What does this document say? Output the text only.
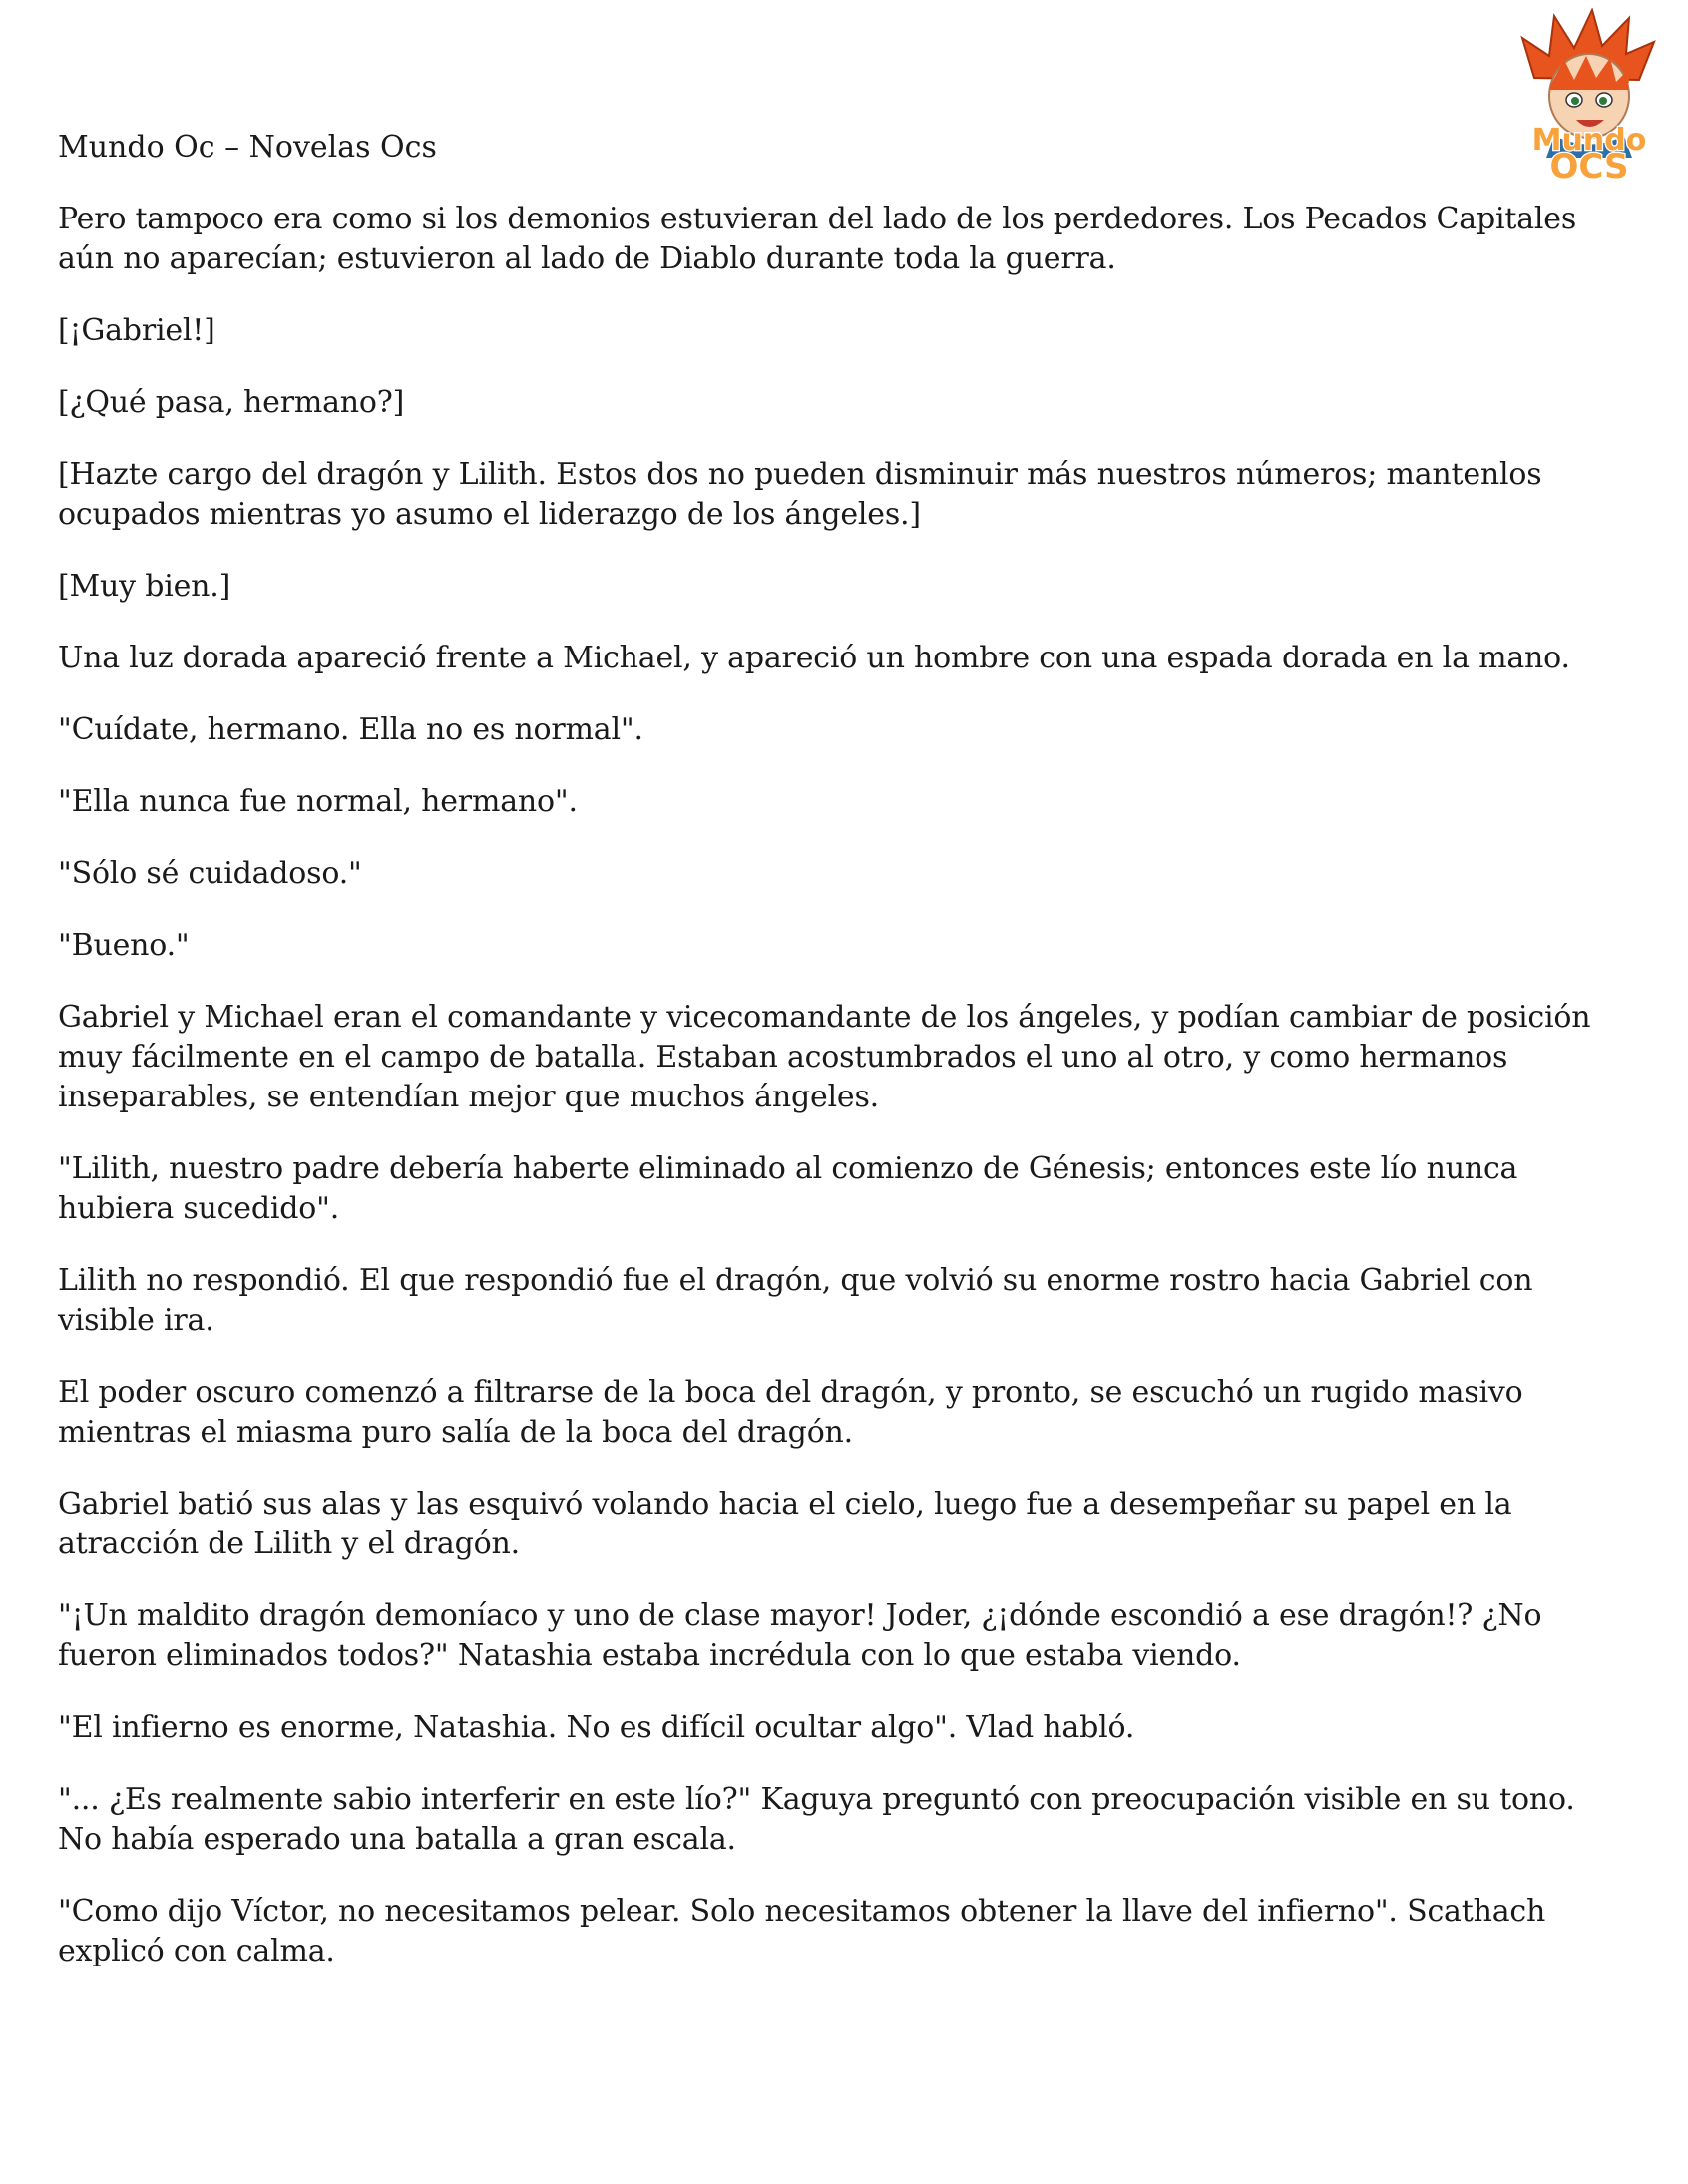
Mundo
OCS

Mundo Oc – Novelas Ocs

Pero tampoco era como si los demonios estuvieran del lado de los perdedores. Los Pecados Capitales aún no aparecían; estuvieron al lado de Diablo durante toda la guerra.

[¡Gabriel!]

[¿Qué pasa, hermano?]

[Hazte cargo del dragón y Lilith. Estos dos no pueden disminuir más nuestros números; mantenlos ocupados mientras yo asumo el liderazgo de los ángeles.]

[Muy bien.]

Una luz dorada apareció frente a Michael, y apareció un hombre con una espada dorada en la mano.

"Cuídate, hermano. Ella no es normal".

"Ella nunca fue normal, hermano".

"Sólo sé cuidadoso."

"Bueno."

Gabriel y Michael eran el comandante y vicecomandante de los ángeles, y podían cambiar de posición muy fácilmente en el campo de batalla. Estaban acostumbrados el uno al otro, y como hermanos inseparables, se entendían mejor que muchos ángeles.

"Lilith, nuestro padre debería haberte eliminado al comienzo de Génesis; entonces este lío nunca hubiera sucedido".

Lilith no respondió. El que respondió fue el dragón, que volvió su enorme rostro hacia Gabriel con visible ira.

El poder oscuro comenzó a filtrarse de la boca del dragón, y pronto, se escuchó un rugido masivo mientras el miasma puro salía de la boca del dragón.

Gabriel batió sus alas y las esquivó volando hacia el cielo, luego fue a desempeñar su papel en la atracción de Lilith y el dragón.

"¡Un maldito dragón demoníaco y uno de clase mayor! Joder, ¿¡dónde escondió a ese dragón!? ¿No fueron eliminados todos?" Natashia estaba incrédula con lo que estaba viendo.

"El infierno es enorme, Natashia. No es difícil ocultar algo". Vlad habló.

"... ¿Es realmente sabio interferir en este lío?" Kaguya preguntó con preocupación visible en su tono. No había esperado una batalla a gran escala.

"Como dijo Víctor, no necesitamos pelear. Solo necesitamos obtener la llave del infierno". Scathach explicó con calma.
